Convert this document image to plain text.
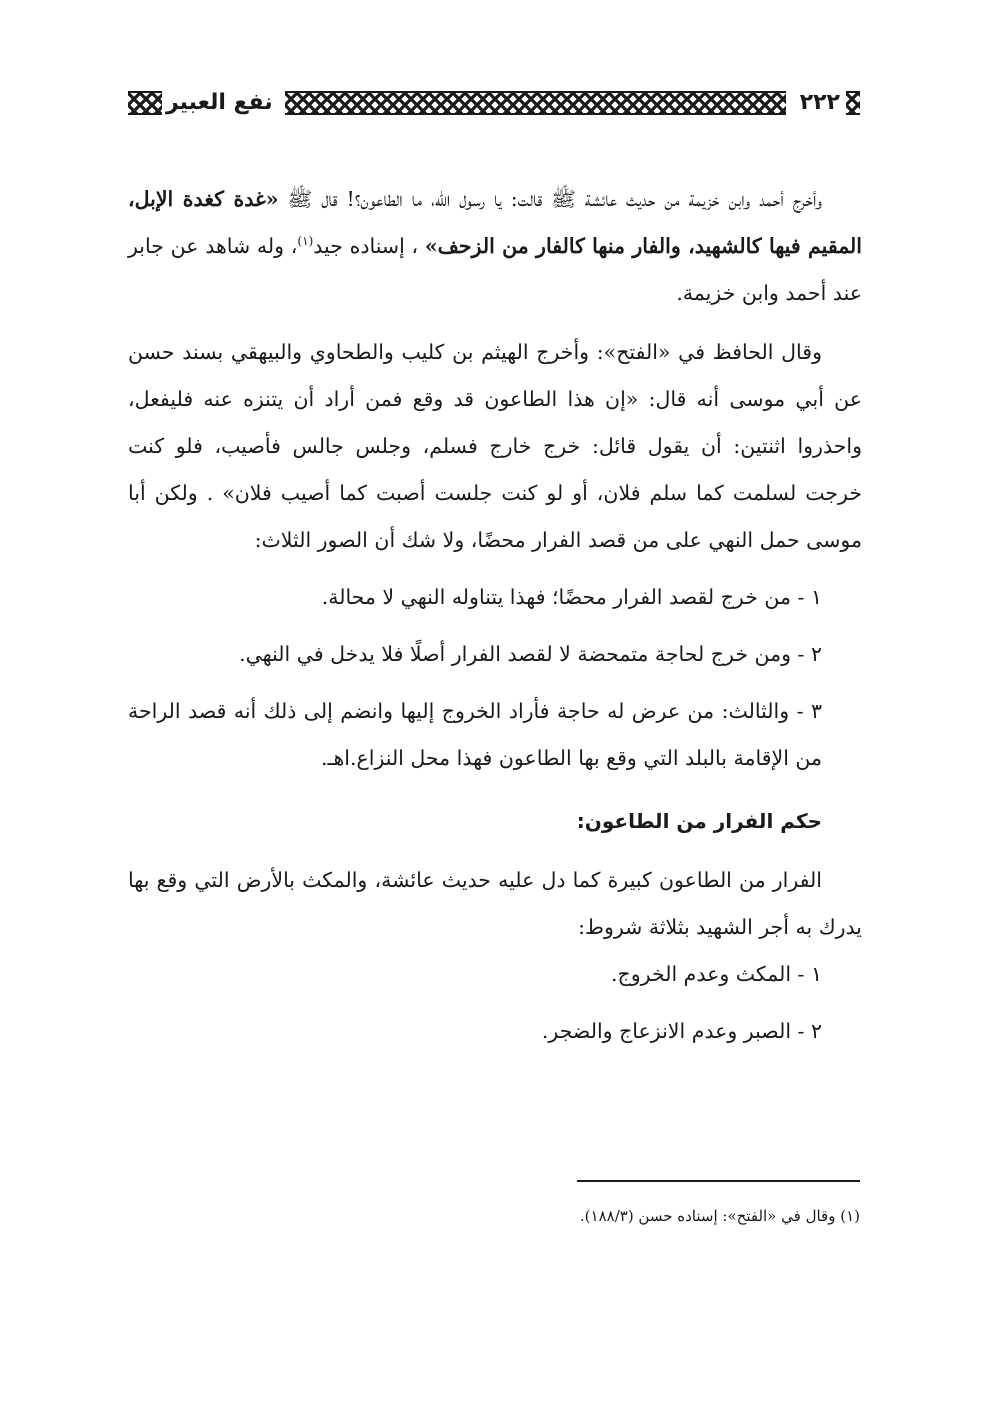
٢٢٢
نفع العبير

وأخرج أحمد وابن خزيمة من حديث عائشة ﷺ قالت: يا رسول الله، ما الطاعون؟! قال ﷺ «غدة كغدة الإبل، المقيم فيها كالشهيد، والفار منها كالفار من الزحف» ، إسناده جيد$^{(١)}$، وله شاهد عن جابر عند أحمد وابن خزيمة.

وقال الحافظ في «الفتح»: وأخرج الهيثم بن كليب والطحاوي والبيهقي بسند حسن عن أبي موسى أنه قال: «إن هذا الطاعون قد وقع فمن أراد أن يتنزه عنه فليفعل، واحذروا اثنتين: أن يقول قائل: خرج خارج فسلم، وجلس جالس فأصيب، فلو كنت خرجت لسلمت كما سلم فلان، أو لو كنت جلست أصبت كما أصيب فلان» . ولكن أبا موسى حمل النهي على من قصد الفرار محضًا، ولا شك أن الصور الثلاث:

١ - من خرج لقصد الفرار محضًا؛ فهذا يتناوله النهي لا محالة.

٢ - ومن خرج لحاجة متمحضة لا لقصد الفرار أصلًا فلا يدخل في النهي.

٣ - والثالث: من عرض له حاجة فأراد الخروج إليها وانضم إلى ذلك أنه قصد الراحة من الإقامة بالبلد التي وقع بها الطاعون فهذا محل النزاع.اهـ.

حكم الفرار من الطاعون:

الفرار من الطاعون كبيرة كما دل عليه حديث عائشة، والمكث بالأرض التي وقع بها يدرك به أجر الشهيد بثلاثة شروط:

١ - المكث وعدم الخروج.

٢ - الصبر وعدم الانزعاج والضجر.

(١) وقال في «الفتح»: إسناده حسن (١٨٨/٣).
